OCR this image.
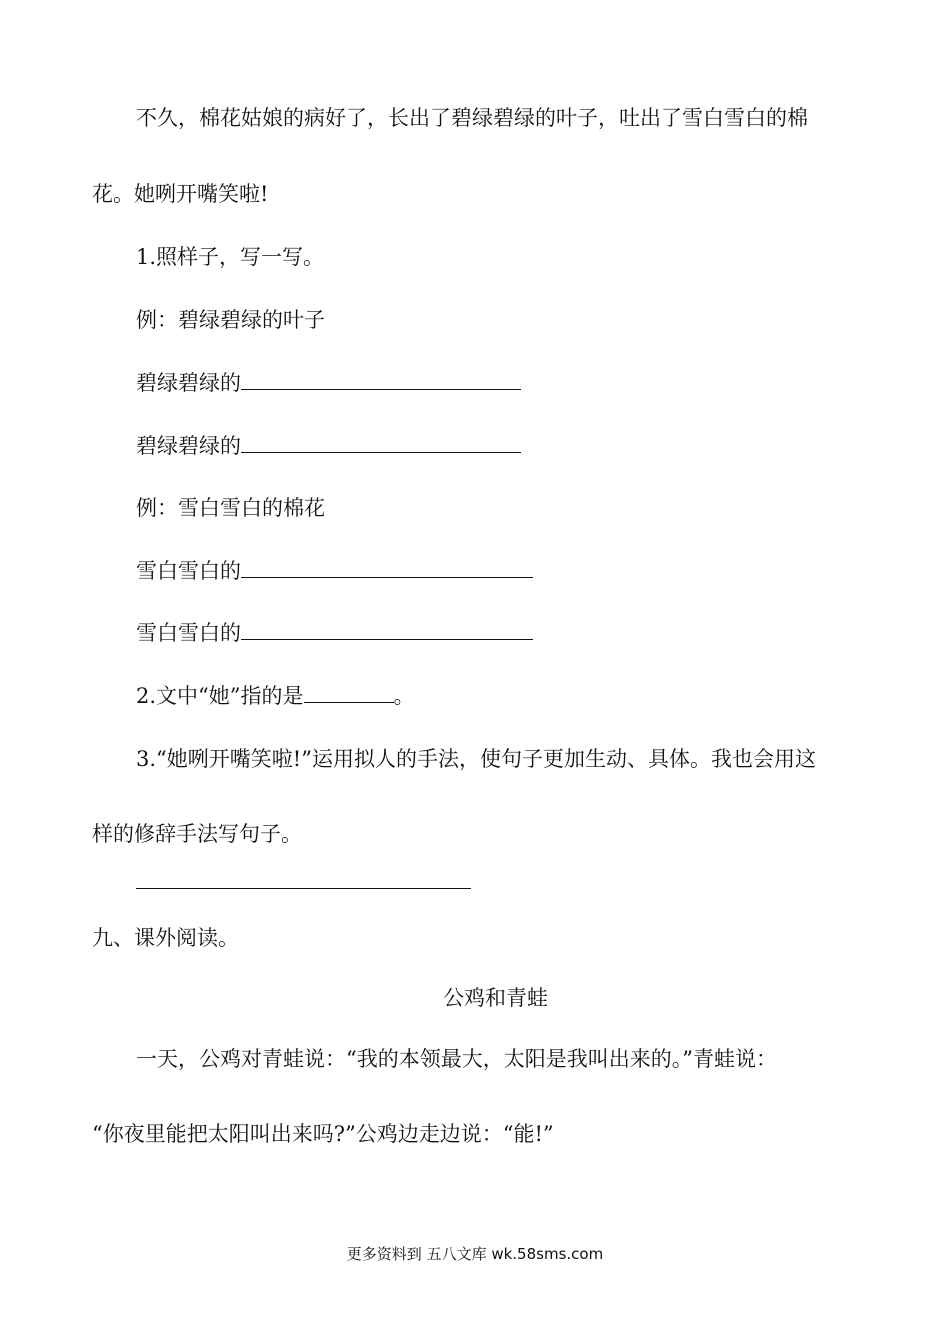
不久，棉花姑娘的病好了，长出了碧绿碧绿的叶子，吐出了雪白雪白的棉
花。她咧开嘴笑啦!
1.照样子，写一写。
例：碧绿碧绿的叶子
碧绿碧绿的
碧绿碧绿的
例：雪白雪白的棉花
雪白雪白的
雪白雪白的
2.文中“她”指的是	。
3.“她咧开嘴笑啦!”运用拟人的手法，使句子更加生动、具体。我也会用这
样的修辞手法写句子。
九、课外阅读。
公鸡和青蛙
一天，公鸡对青蛙说：“我的本领最大，太阳是我叫出来的。”青蛙说：
“你夜里能把太阳叫出来吗?”公鸡边走边说：“能!”
更多资料到 五八文库 wk.58sms.com
